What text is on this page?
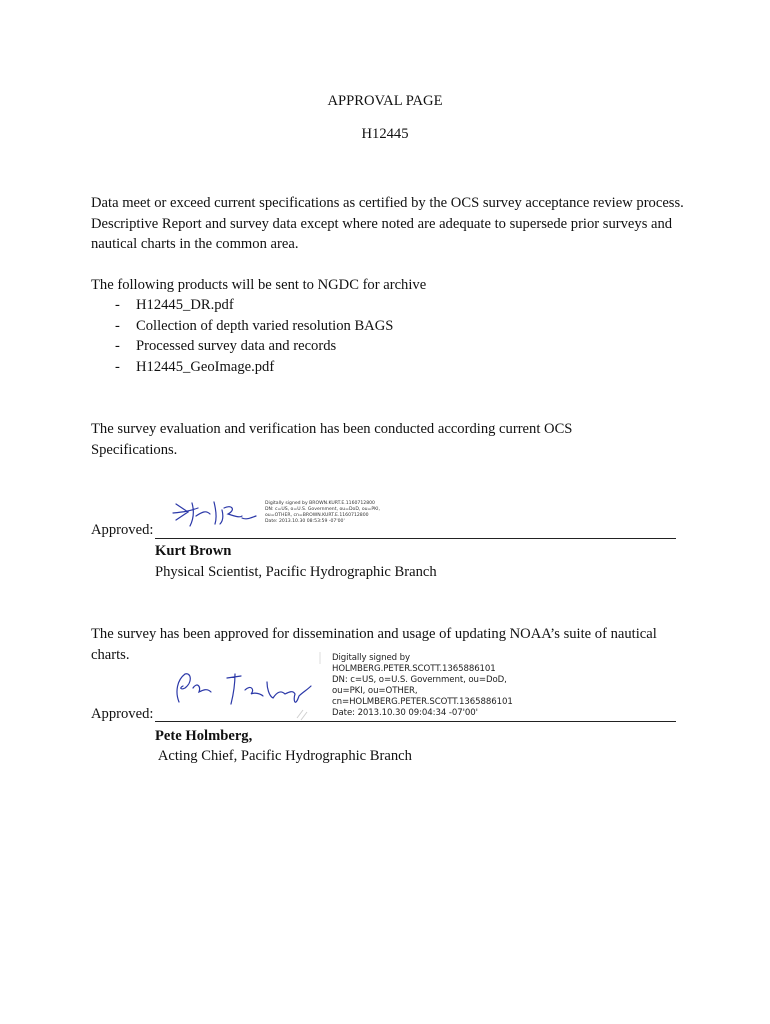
APPROVAL PAGE
H12445

Data meet or exceed current specifications as certified by the OCS survey acceptance review process. Descriptive Report and survey data except where noted are adequate to supersede prior surveys and nautical charts in the common area.

The following products will be sent to NGDC for archive

- H12445_DR.pdf
- Collection of depth varied resolution BAGS
- Processed survey data and records
- H12445_GeoImage.pdf

The survey evaluation and verification has been conducted according current OCS Specifications.

Digitally signed by BROWN.KURT.E.1160712800
DN: c=US, o=U.S. Government, ou=DoD, ou=PKI,
ou=OTHER, cn=BROWN.KURT.E.1160712800
Date: 2013.10.30 08:53:59 -07'00'
Approved:
Kurt Brown
Physical Scientist, Pacific Hydrographic Branch

The survey has been approved for dissemination and usage of updating NOAA’s suite of nautical charts.	Digitally signed by
HOLMBERG.PETER.SCOTT.1365886101
DN: c=US, o=U.S. Government, ou=DoD,
ou=PKI, ou=OTHER,
cn=HOLMBERG.PETER.SCOTT.1365886101
Date: 2013.10.30 09:04:34 -07'00'
Approved:
Pete Holmberg,
Acting Chief, Pacific Hydrographic Branch
